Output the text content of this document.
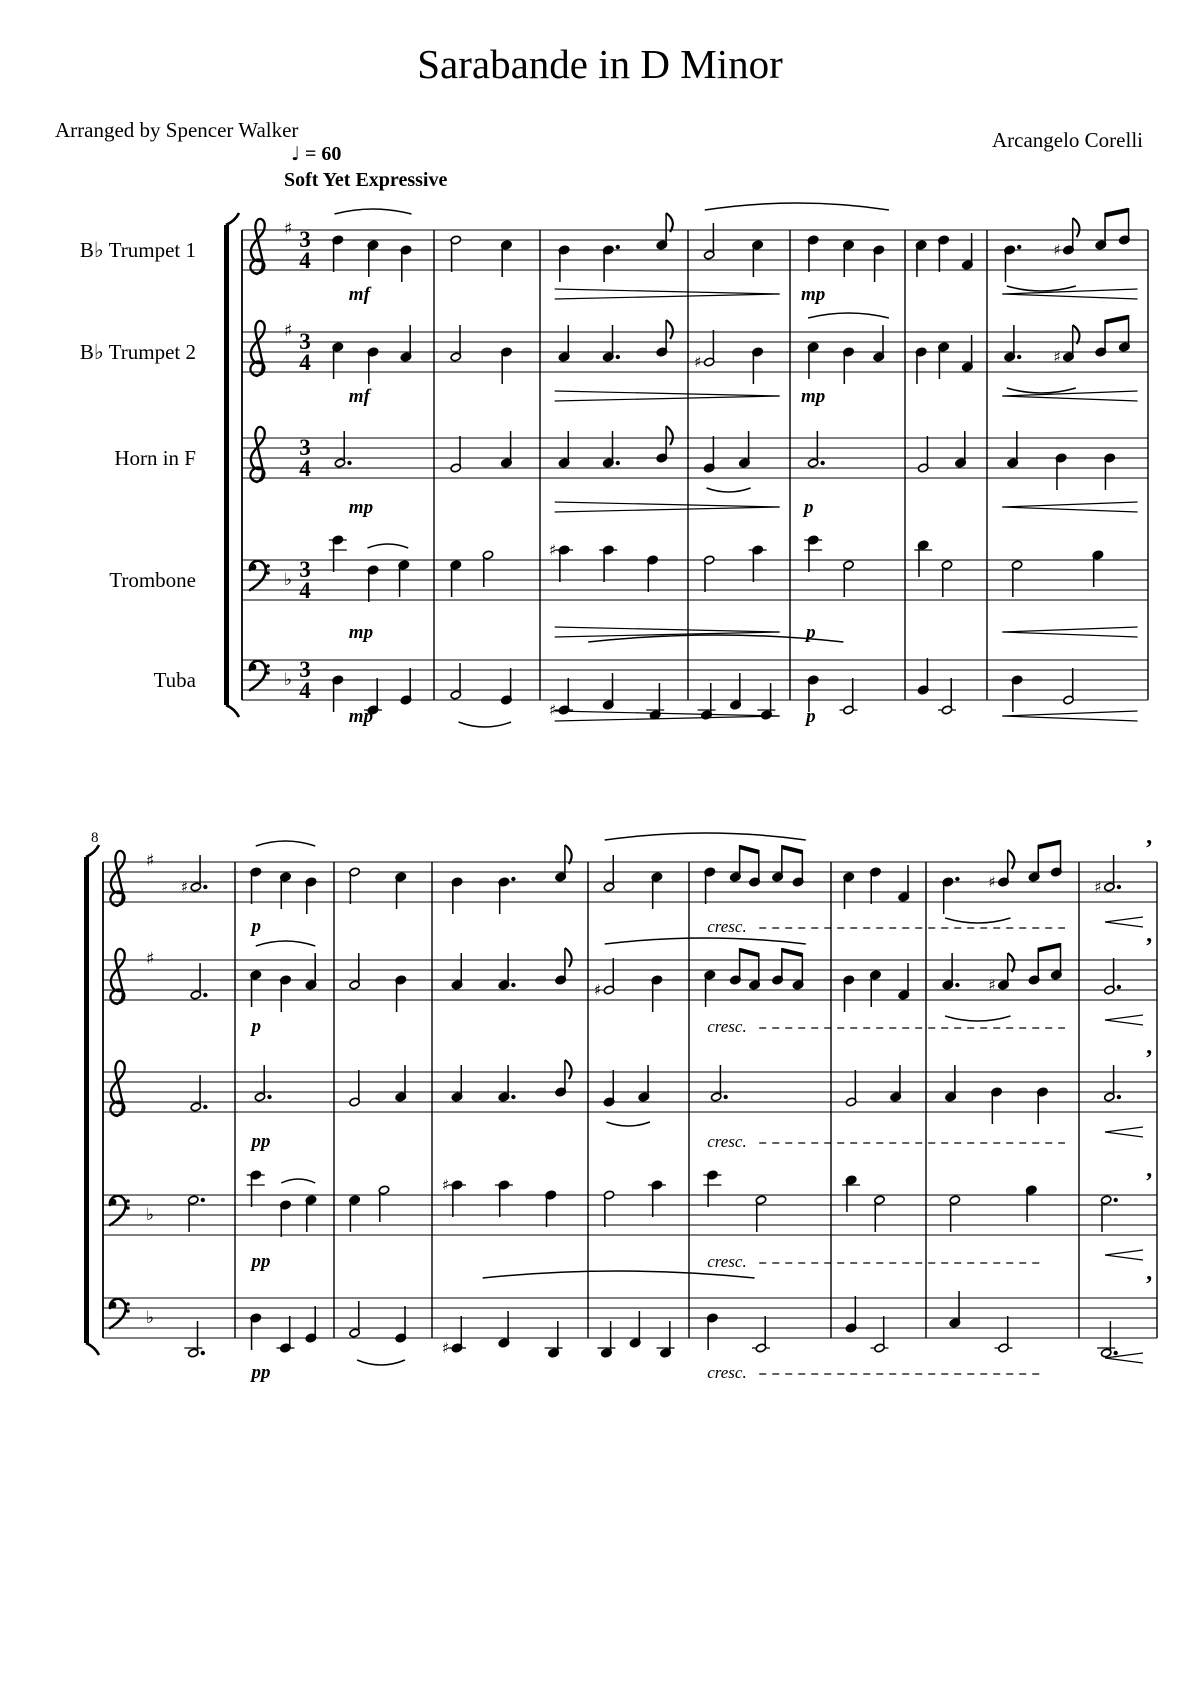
Sarabande in D Minor
Arranged by Spencer Walker	Arcangelo Corelli
♩ = 60
Soft Yet Expressive
B♭ Trumpet 1
B♭ Trumpet 2
Horn in F
Trombone
Tuba
♯ 3
4	♯
mf	mp
♯ 3
4	♯	♯
mf	mp
3
4
mp	p
♭ 3
4
♯
mp	p
♭ 3
4
♯
mp	p
8
♯
♯	♯	♯
p	cresc.
’
♯
♯	♯
p	cresc.
’
pp	cresc.
’
♭
♯
pp	cresc.
’
♭
♯
pp	cresc.
’
